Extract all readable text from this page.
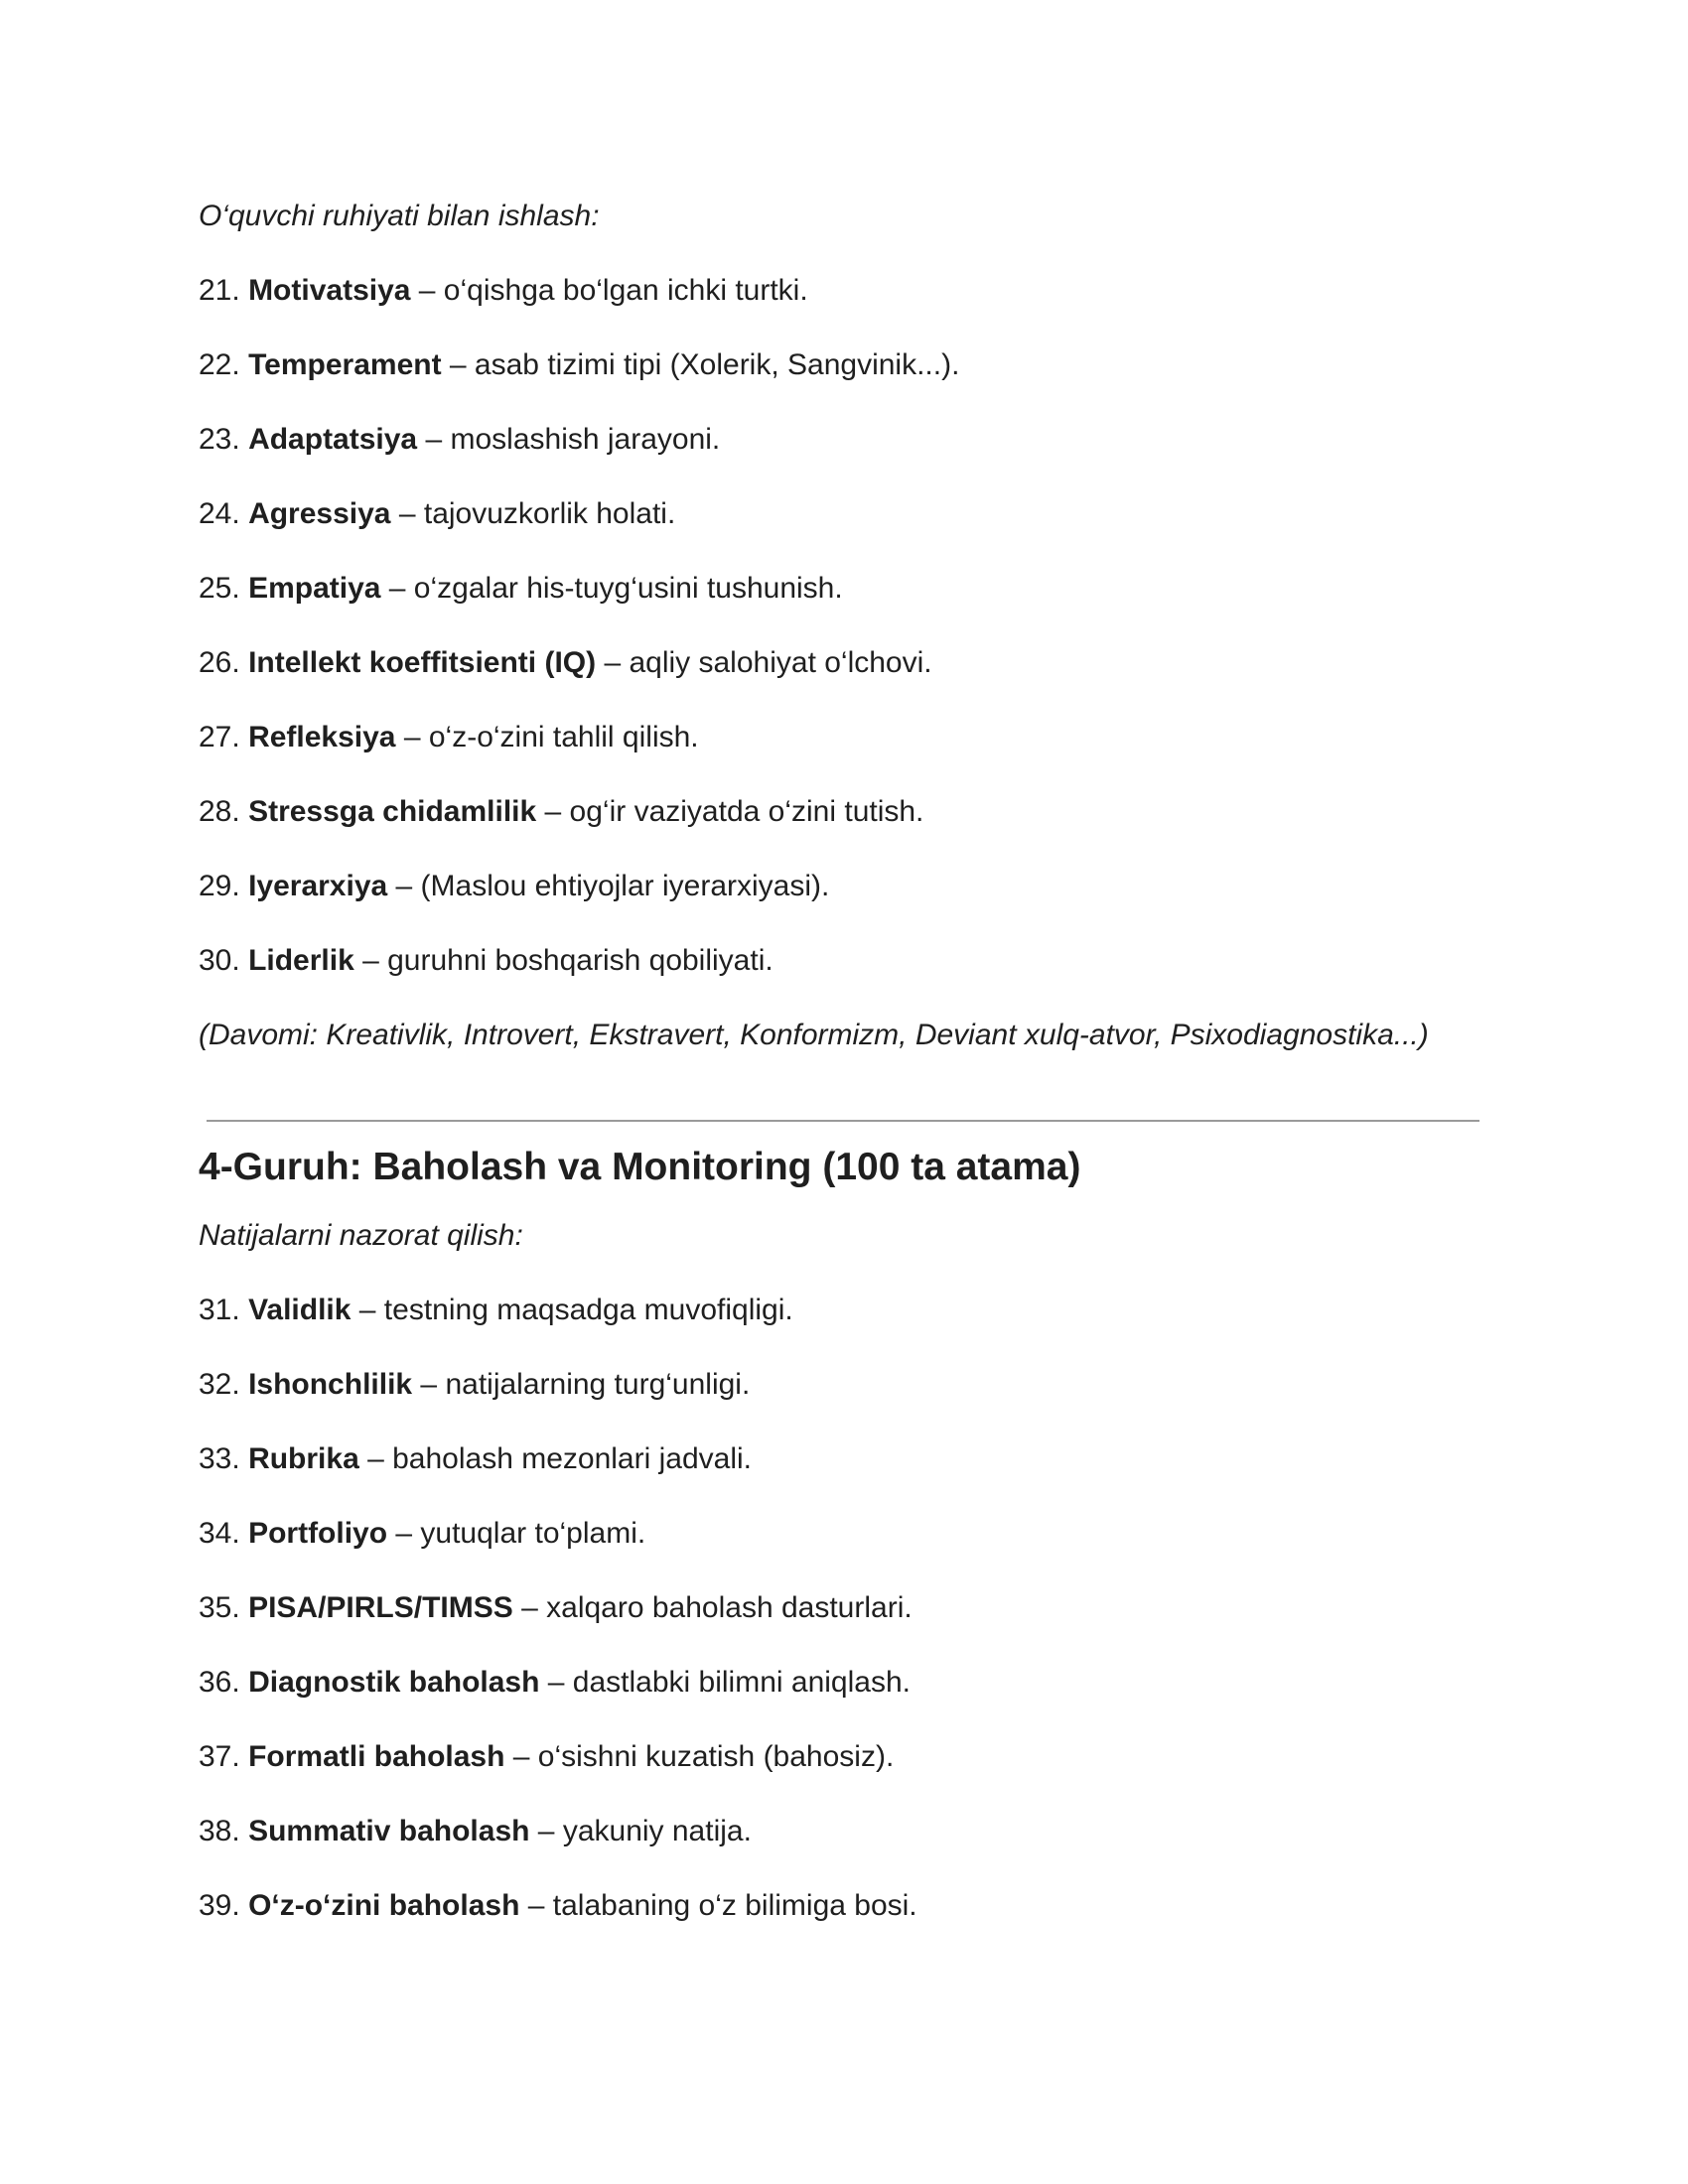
O‘quvchi ruhiyati bilan ishlash:
21. Motivatsiya – o‘qishga bo‘lgan ichki turtki.
22. Temperament – asab tizimi tipi (Xolerik, Sangvinik...).
23. Adaptatsiya – moslashish jarayoni.
24. Agressiya – tajovuzkorlik holati.
25. Empatiya – o‘zgalar his-tuyg‘usini tushunish.
26. Intellekt koeffitsienti (IQ) – aqliy salohiyat o‘lchovi.
27. Refleksiya – o‘z-o‘zini tahlil qilish.
28. Stressga chidamlilik – og‘ir vaziyatda o‘zini tutish.
29. Iyerarxiya – (Maslou ehtiyojlar iyerarxiyasi).
30. Liderlik – guruhni boshqarish qobiliyati.
(Davomi: Kreativlik, Introvert, Ekstravert, Konformizm, Deviant xulq-atvor, Psixodiagnostika...)
4-Guruh: Baholash va Monitoring (100 ta atama)
Natijalarni nazorat qilish:
31. Validlik – testning maqsadga muvofiqligi.
32. Ishonchlilik – natijalarning turg‘unligi.
33. Rubrika – baholash mezonlari jadvali.
34. Portfoliyo – yutuqlar to‘plami.
35. PISA/PIRLS/TIMSS – xalqaro baholash dasturlari.
36. Diagnostik baholash – dastlabki bilimni aniqlash.
37. Formatli baholash – o‘sishni kuzatish (bahosiz).
38. Summativ baholash – yakuniy natija.
39. O‘z-o‘zini baholash – talabaning o‘z bilimiga bosi.
